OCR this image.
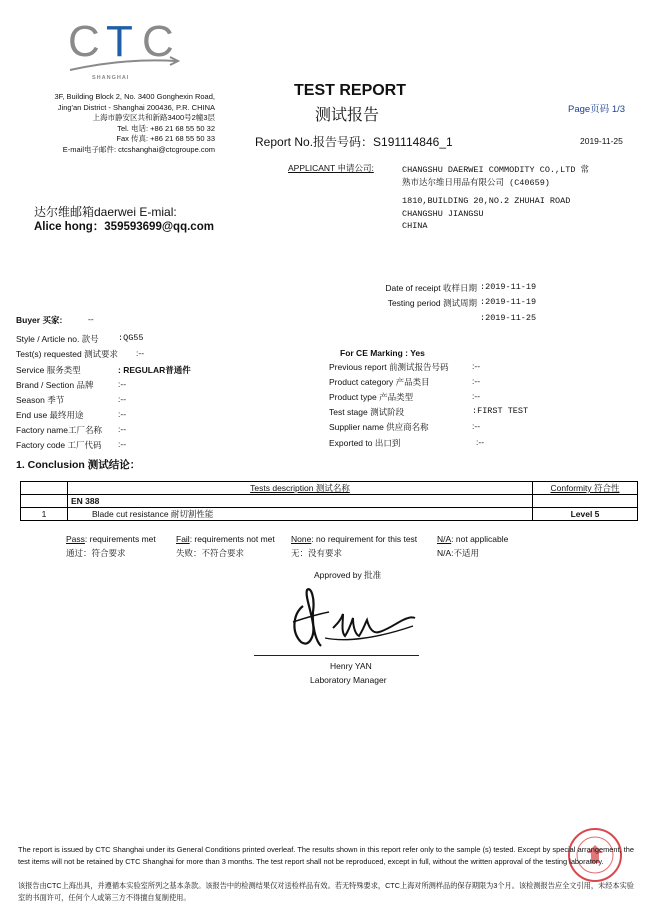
C T C
SHANGHAI
3F, Building Block 2, No. 3400 Gonghexin Road,
Jing'an District - Shanghai 200436, P.R. CHINA
上海市静安区共和新路3400号2幢3层
Tel. 电话: +86 21 68 55 50 32
Fax 传真: +86 21 68 55 50 33
E-mail电子邮件: ctcshanghai@ctcgroupe.com
TEST REPORT
测试报告	Page页码 1/3
Report No.报告号码：S191114846_1	2019-11-25
APPLICANT 申请公司:	CHANGSHU DAERWEI COMMODITY CO.,LTD 常
熟市达尔维日用品有限公司 (C40659)
1810,BUILDING 20,NO.2 ZHUHAI ROAD
CHANGSHU JIANGSU
CHINA
达尔维邮箱daerwei E-mial:
Alice hong：359593699@qq.com
Date of receipt 收样日期 :2019-11-19
Testing period 测试周期 :2019-11-19
:2019-11-25
Buyer 买家:	--
Style / Article no. 款号 :QG55
Test(s) requested 测试要求 :--
Service 服务类型	: REGULAR普通件
Brand / Section 品牌	:--
Season 季节	:--
End use 最终用途	:--
Factory name工厂名称 :--
Factory code 工厂代码 :--
For CE Marking : Yes
Previous report 前测试报告号码	:--
Product category 产品类目	:--
Product type 产品类型	:--
Test stage 测试阶段	:FIRST TEST
Supplier name 供应商名称	:--
Exported to 出口到	:--
1. Conclusion 测试结论：
	Tests description 测试名称	Conformity 符合性
	EN 388	
1	Blade cut resistance 耐切割性能	Level 5
Pass: requirements met
通过：符合要求
Fail: requirements not met
失败：不符合要求
None: no requirement for this test
无：没有要求
N/A: not applicable
N/A:不适用
Approved by 批准
Henry YAN
Laboratory Manager
The report is issued by CTC Shanghai under its General Conditions printed overleaf. The results shown in this report refer only to the sample (s) tested. Except by special arrangement, the test items will not be retained by CTC Shanghai for more than 3 months. The test report shall not be reproduced, except in full, without the written approval of the testing laboratory.
该报告由CTC上海出具，并遵循本实验室所列之基本条款。该报告中的检测结果仅对送检样品有效。若无特殊要求，CTC上海对所测样品的保存期限为3个月。该检测报告应全文引用，未经本实验室的书面许可，任何个人或第三方不得擅自复制使用。
